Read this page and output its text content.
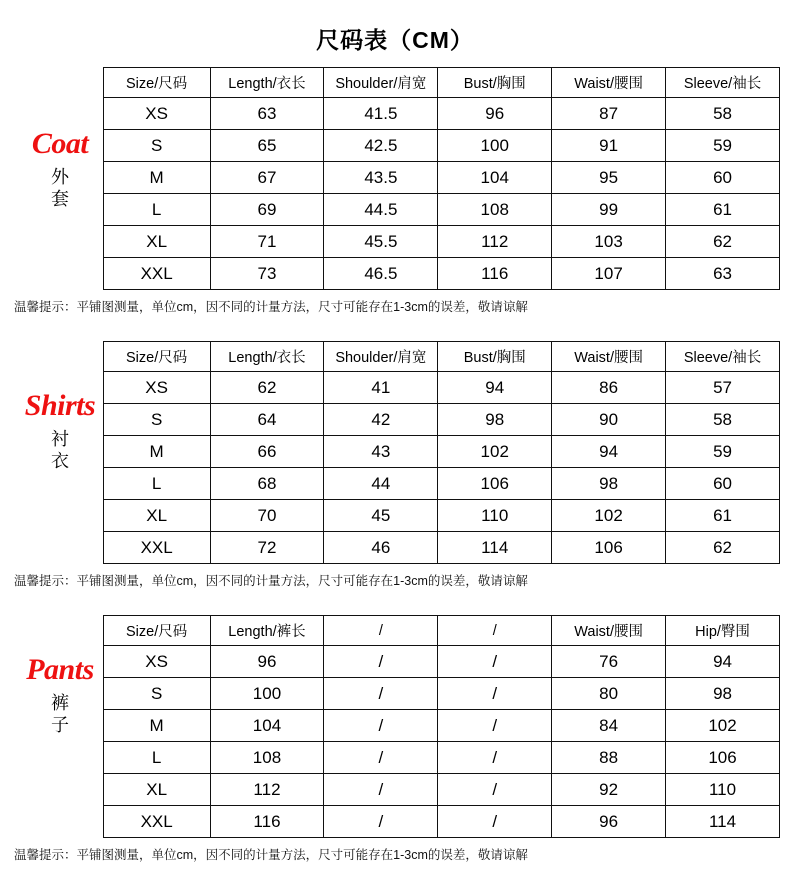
尺码表（CM）
Coat
外
套
	Size/尺码	Length/衣长	Shoulder/肩宽	Bust/胸围	Waist/腰围	Sleeve/袖长
	XS	63	41.5	96	87	58
	S	65	42.5	100	91	59
	M	67	43.5	104	95	60
	L	69	44.5	108	99	61
	XL	71	45.5	112	103	62
	XXL	73	46.5	116	107	63
温馨提示：平铺图测量，单位cm，因不同的计量方法，尺寸可能存在1-3cm的误差，敬请谅解
Shirts
衬
衣
	Size/尺码	Length/衣长	Shoulder/肩宽	Bust/胸围	Waist/腰围	Sleeve/袖长
	XS	62	41	94	86	57
	S	64	42	98	90	58
	M	66	43	102	94	59
	L	68	44	106	98	60
	XL	70	45	110	102	61
	XXL	72	46	114	106	62
温馨提示：平铺图测量，单位cm，因不同的计量方法，尺寸可能存在1-3cm的误差，敬请谅解
Pants
裤
子
	Size/尺码	Length/裤长	/	/	Waist/腰围	Hip/臀围
	XS	96	/	/	76	94
	S	100	/	/	80	98
	M	104	/	/	84	102
	L	108	/	/	88	106
	XL	112	/	/	92	110
	XXL	116	/	/	96	114
温馨提示：平铺图测量，单位cm，因不同的计量方法，尺寸可能存在1-3cm的误差，敬请谅解
